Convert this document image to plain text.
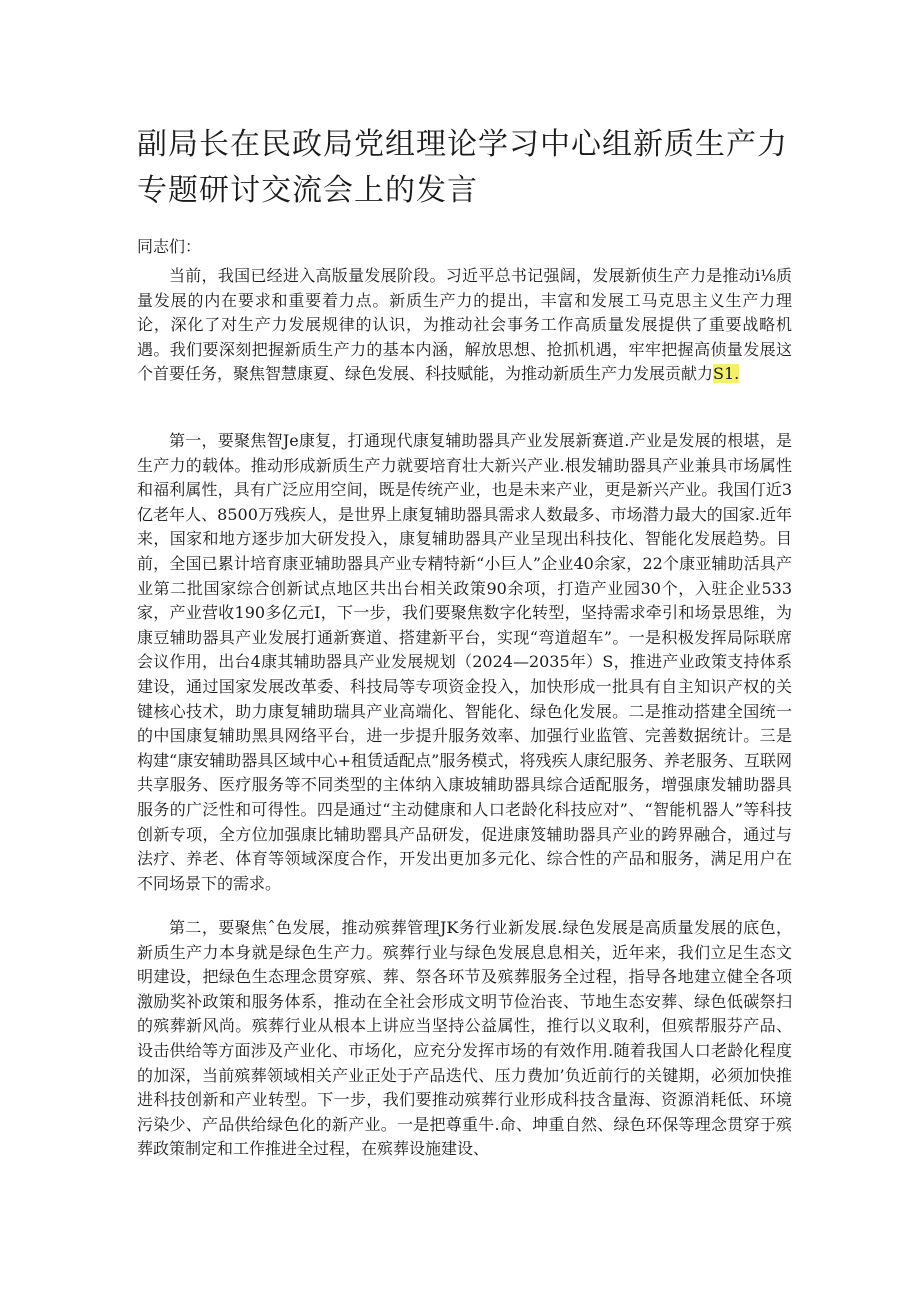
副局长在民政局党组理论学习中心组新质生产力专题研讨交流会上的发言
同志们：

当前，我国已经进入高版量发展阶段。习近平总书记强阔，发展新侦生产力是推动i⅛质量发展的内在要求和重要着力点。新质生产力的提出，丰富和发展工马克思主义生产力理论，深化了对生产力发展规律的认识，为推动社会事务工作高质量发展提供了重要战略机遇。我们要深刻把握新质生产力的基本内涵，解放思想、抢抓机遇，牢牢把握高侦量发展这个首要任务，聚焦智慧康夏、绿色发展、科技赋能，为推动新质生产力发展贡献力S1.

第一，要聚焦智Je康复，打通现代康复辅助器具产业发展新赛道.产业是发展的根堪，是生产力的载体。推动形成新质生产力就要培育壮大新兴产业.根发辅助器具产业兼具市场属性和福利属性，具有广泛应用空间，既是传统产业，也是未来产业，更是新兴产业。我国仃近3亿老年人、8500万残疾人，是世界上康复辅助器具需求人数最多、市场潜力最大的国家.近年来，国家和地方逐步加大研发投入，康复辅助器具产业呈现出科技化、智能化发展趋势。目前，全国已累计培育康亚辅助器具产业专精特新“小巨人”企业40余家，22个康亚辅助活具产业第二批国家综合创新试点地区共出台相关政策90余项，打造产业园30个，入驻企业533家，产业营收190多亿元I，下一步，我们要聚焦数字化转型，坚持需求牵引和场景思维，为康豆辅助器具产业发展打通新赛道、搭建新平台，实现“弯道超车”。一是积极发挥局际联席会议作用，出台4康其辅助器具产业发展规划（2024—2035年）S，推进产业政策支持体系建设，通过国家发展改革委、科技局等专项资金投入，加快形成一批具有自主知识产权的关键核心技术，助力康复辅助瑞具产业高端化、智能化、绿色化发展。二是推动搭建全国统一的中国康复辅助黑具网络平台，进一步提升服务效率、加强行业监管、完善数据统计。三是构建“康安辅助器具区域中心+租赁适配点”服务模式，将残疾人康纪服务、养老服务、互联网共享服务、医疗服务等不同类型的主体纳入康坡辅助器具综合适配服务，增强康发辅助器具服务的广泛性和可得性。四是通过“主动健康和人口老龄化科技应对”、“智能机器人”等科技创新专项，全方位加强康比辅助罂具产品研发，促进康笈辅助器具产业的跨界融合，通过与法疗、养老、体育等领域深度合作，开发出更加多元化、综合性的产品和服务，满足用户在不同场景下的需求。

第二，要聚焦ˆ色发展，推动殡葬管理JK务行业新发展.绿色发展是高质量发展的底色，新质生产力本身就是绿色生产力。殡葬行业与绿色发展息息相关，近年来，我们立足生态文明建设，把绿色生态理念贯穿殡、葬、祭各环节及殡葬服务全过程，指导各地建立健全各项激励奖补政策和服务体系，推动在全社会形成文明节俭治丧、节地生态安葬、绿色低碳祭扫的殡葬新风尚。殡葬行业从根本上讲应当坚持公益属性，推行以义取利，但殡帮服芬产品、设击供给等方面涉及产业化、市场化，应充分发挥市场的有效作用.随着我国人口老龄化程度的加深，当前殡葬领域相关产业正处于产品迭代、压力费加’负近前行的关键期，必须加快推进科技创新和产业转型。下一步，我们要推动殡葬行业形成科技含量海、资源消耗低、环境污染少、产品供给绿色化的新产业。一是把尊重牛.命、坤重自然、绿色环保等理念贯穿于殡葬政策制定和工作推进全过程，在殡葬设施建设、
